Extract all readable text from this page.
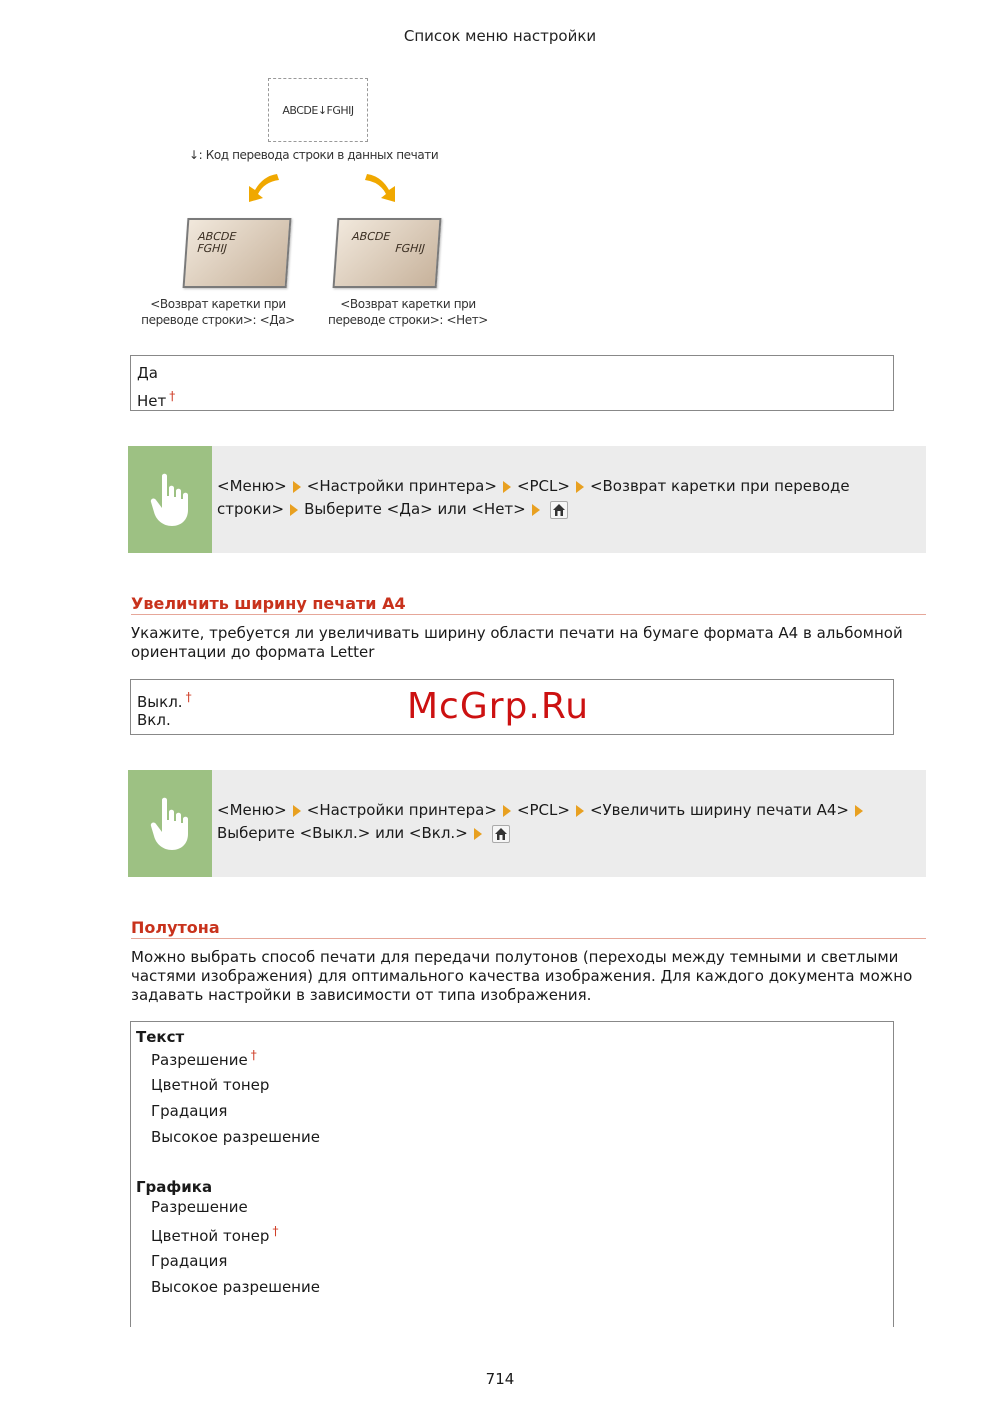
Список меню настройки
ABCDE↓FGHIJ
↓: Код перевода строки в данных печати
ABCDE
FGHIJ
ABCDE
FGHIJ
<Возврат каретки при переводе строки>: <Да>
<Возврат каретки при переводе строки>: <Нет>
Да
Нет †
<Меню> <Настройки принтера> <PCL> <Возврат каретки при переводе строки> Выберите <Да> или <Нет>
Увеличить ширину печати А4
Укажите, требуется ли увеличивать ширину области печати на бумаге формата А4 в альбомной ориентации до формата Letter
Выкл. †
Вкл.	McGrp.Ru
<Меню> <Настройки принтера> <PCL> <Увеличить ширину печати А4>Выберите <Выкл.> или <Вкл.>
Полутона
Можно выбрать способ печати для передачи полутонов (переходы между темными и светлыми частями изображения) для оптимального качества изображения. Для каждого документа можно задавать настройки в зависимости от типа изображения.
Текст
Разрешение †
Цветной тонер
Градация
Высокое разрешение
Графика
Разрешение
Цветной тонер †
Градация
Высокое разрешение
714
